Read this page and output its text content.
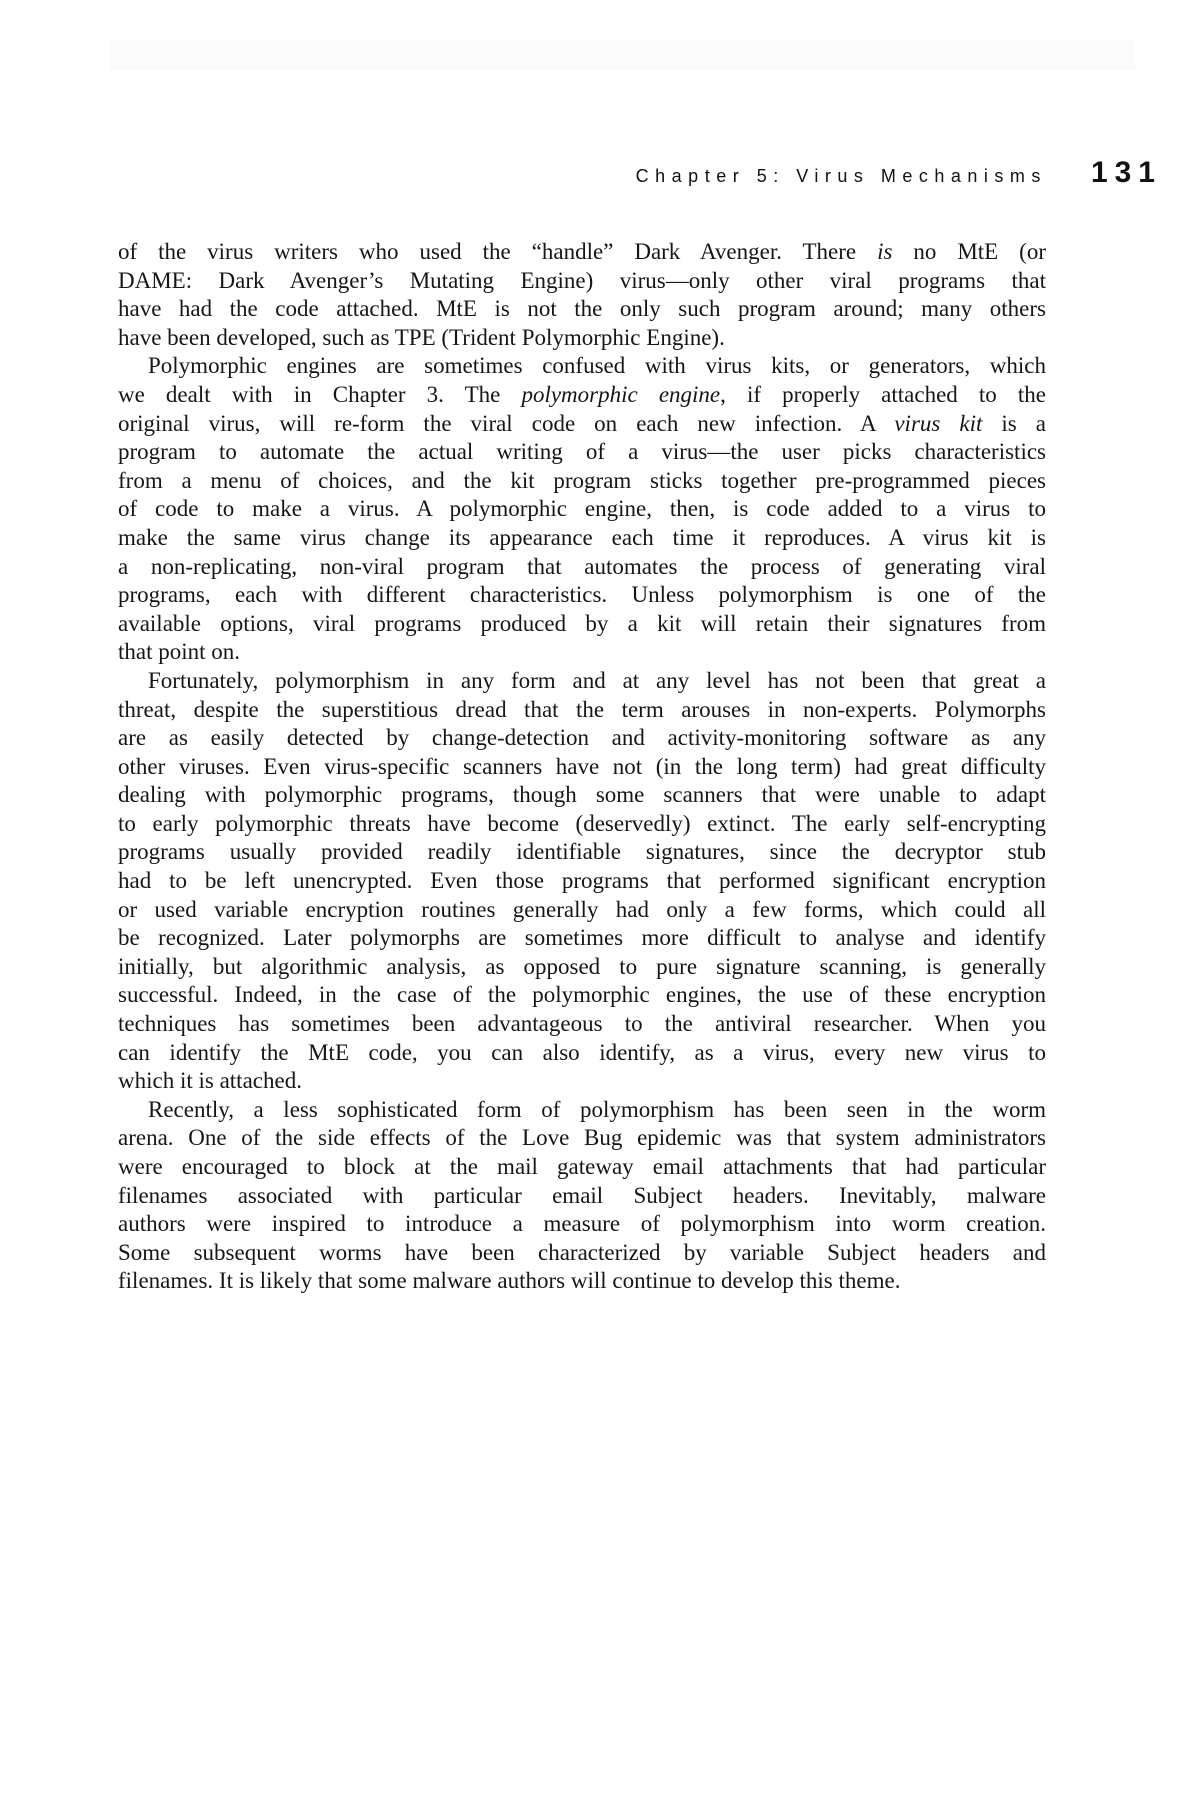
Chapter 5: Virus Mechanisms 131
of the virus writers who used the “handle” Dark Avenger. There is no MtE (or
DAME: Dark Avenger’s Mutating Engine) virus—only other viral programs that
have had the code attached. MtE is not the only such program around; many others
have been developed, such as TPE (Trident Polymorphic Engine).
Polymorphic engines are sometimes confused with virus kits, or generators, which
we dealt with in Chapter 3. The polymorphic engine, if properly attached to the
original virus, will re-form the viral code on each new infection. A virus kit is a
program to automate the actual writing of a virus—the user picks characteristics
from a menu of choices, and the kit program sticks together pre-programmed pieces
of code to make a virus. A polymorphic engine, then, is code added to a virus to
make the same virus change its appearance each time it reproduces. A virus kit is
a non-replicating, non-viral program that automates the process of generating viral
programs, each with different characteristics. Unless polymorphism is one of the
available options, viral programs produced by a kit will retain their signatures from
that point on.
Fortunately, polymorphism in any form and at any level has not been that great a
threat, despite the superstitious dread that the term arouses in non-experts. Polymorphs
are as easily detected by change-detection and activity-monitoring software as any
other viruses. Even virus-specific scanners have not (in the long term) had great difficulty
dealing with polymorphic programs, though some scanners that were unable to adapt
to early polymorphic threats have become (deservedly) extinct. The early self-encrypting
programs usually provided readily identifiable signatures, since the decryptor stub
had to be left unencrypted. Even those programs that performed significant encryption
or used variable encryption routines generally had only a few forms, which could all
be recognized. Later polymorphs are sometimes more difficult to analyse and identify
initially, but algorithmic analysis, as opposed to pure signature scanning, is generally
successful. Indeed, in the case of the polymorphic engines, the use of these encryption
techniques has sometimes been advantageous to the antiviral researcher. When you
can identify the MtE code, you can also identify, as a virus, every new virus to
which it is attached.
Recently, a less sophisticated form of polymorphism has been seen in the worm
arena. One of the side effects of the Love Bug epidemic was that system administrators
were encouraged to block at the mail gateway email attachments that had particular
filenames associated with particular email Subject headers. Inevitably, malware
authors were inspired to introduce a measure of polymorphism into worm creation.
Some subsequent worms have been characterized by variable Subject headers and
filenames. It is likely that some malware authors will continue to develop this theme.
